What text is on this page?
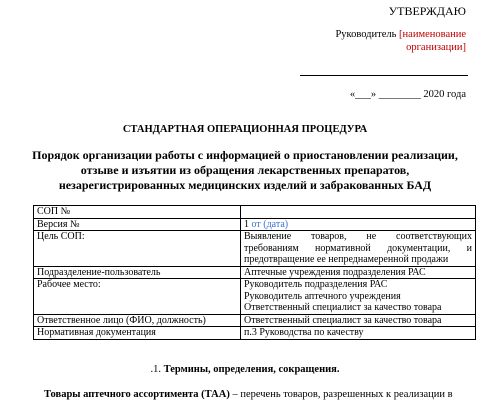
УТВЕРЖДАЮ
Руководитель [наименование
организации]
«___» ________ 2020 года
СТАНДАРТНАЯ ОПЕРАЦИОННАЯ ПРОЦЕДУРА
Порядок организации работы с информацией о приостановлении реализации, отзыве и изъятии из обращения лекарственных препаратов, незарегистрированных медицинских изделий и забракованных БАД
СОП №	
Версия №	1 от (дата)
Цель СОП:	Выявление товаров, не соответствующих требованиям нормативной документации, и предотвращение ее непреднамеренной продажи
Подразделение-пользователь	Аптечные учреждения подразделения РАС
Рабочее место:	Руководитель подразделения РАС
Руководитель аптечного учреждения
Ответственный специалист за качество товара

Ответственное лицо (ФИО, должность)	Ответственный специалист за качество товара
Нормативная документация	п.3 Руководства по качеству
.1. Термины, определения, сокращения.
Товары аптечного ассортимента (ТАА) – перечень товаров, разрешенных к реализации в
